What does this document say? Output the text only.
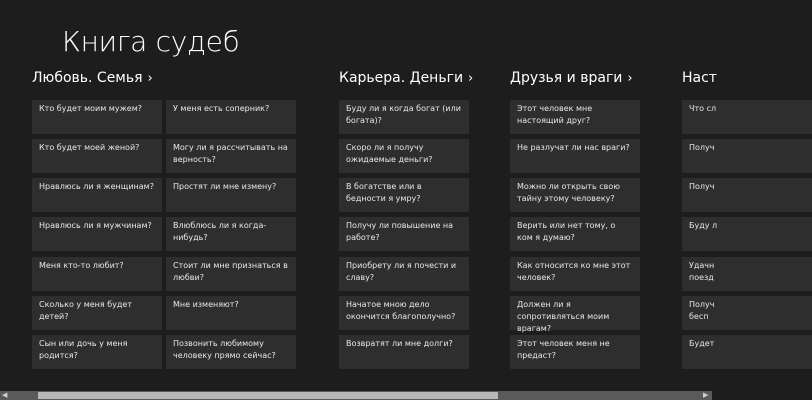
Книга судеб
Любовь. Семья ›
Кто будет моим мужем?
Кто будет моей женой?
Нравлюсь ли я женщинам?
Нравлюсь ли я мужчинам?
Меня кто-то любит?
Сколько у меня будет детей?
Сын или дочь у меня родится?
У меня есть соперник?
Могу ли я рассчитывать на верность?
Простят ли мне измену?
Влюблюсь ли я когда-нибудь?
Стоит ли мне признаться в любви?
Мне изменяют?
Позвонить любимому человеку прямо сейчас?
Карьера. Деньги ›
Буду ли я когда богат (или богата)?
Скоро ли я получу ожидаемые деньги?
В богатстве или в бедности я умру?
Получу ли повышение на работе?
Приобрету ли я почести и славу?
Начатое мною дело окончится благополучно?
Возвратят ли мне долги?
Друзья и враги ›
Этот человек мне настоящий друг?
Не разлучат ли нас враги?
Можно ли открыть свою тайну этому человеку?
Верить или нет тому, о ком я думаю?
Как относится ко мне этот человек?
Должен ли я сопротивляться моим врагам?
Этот человек меня не предаст?
Наст
Что сл
Получ
Получ
Буду л
Удачн
поезд
Получ
бесп
Будет
◀	▶
